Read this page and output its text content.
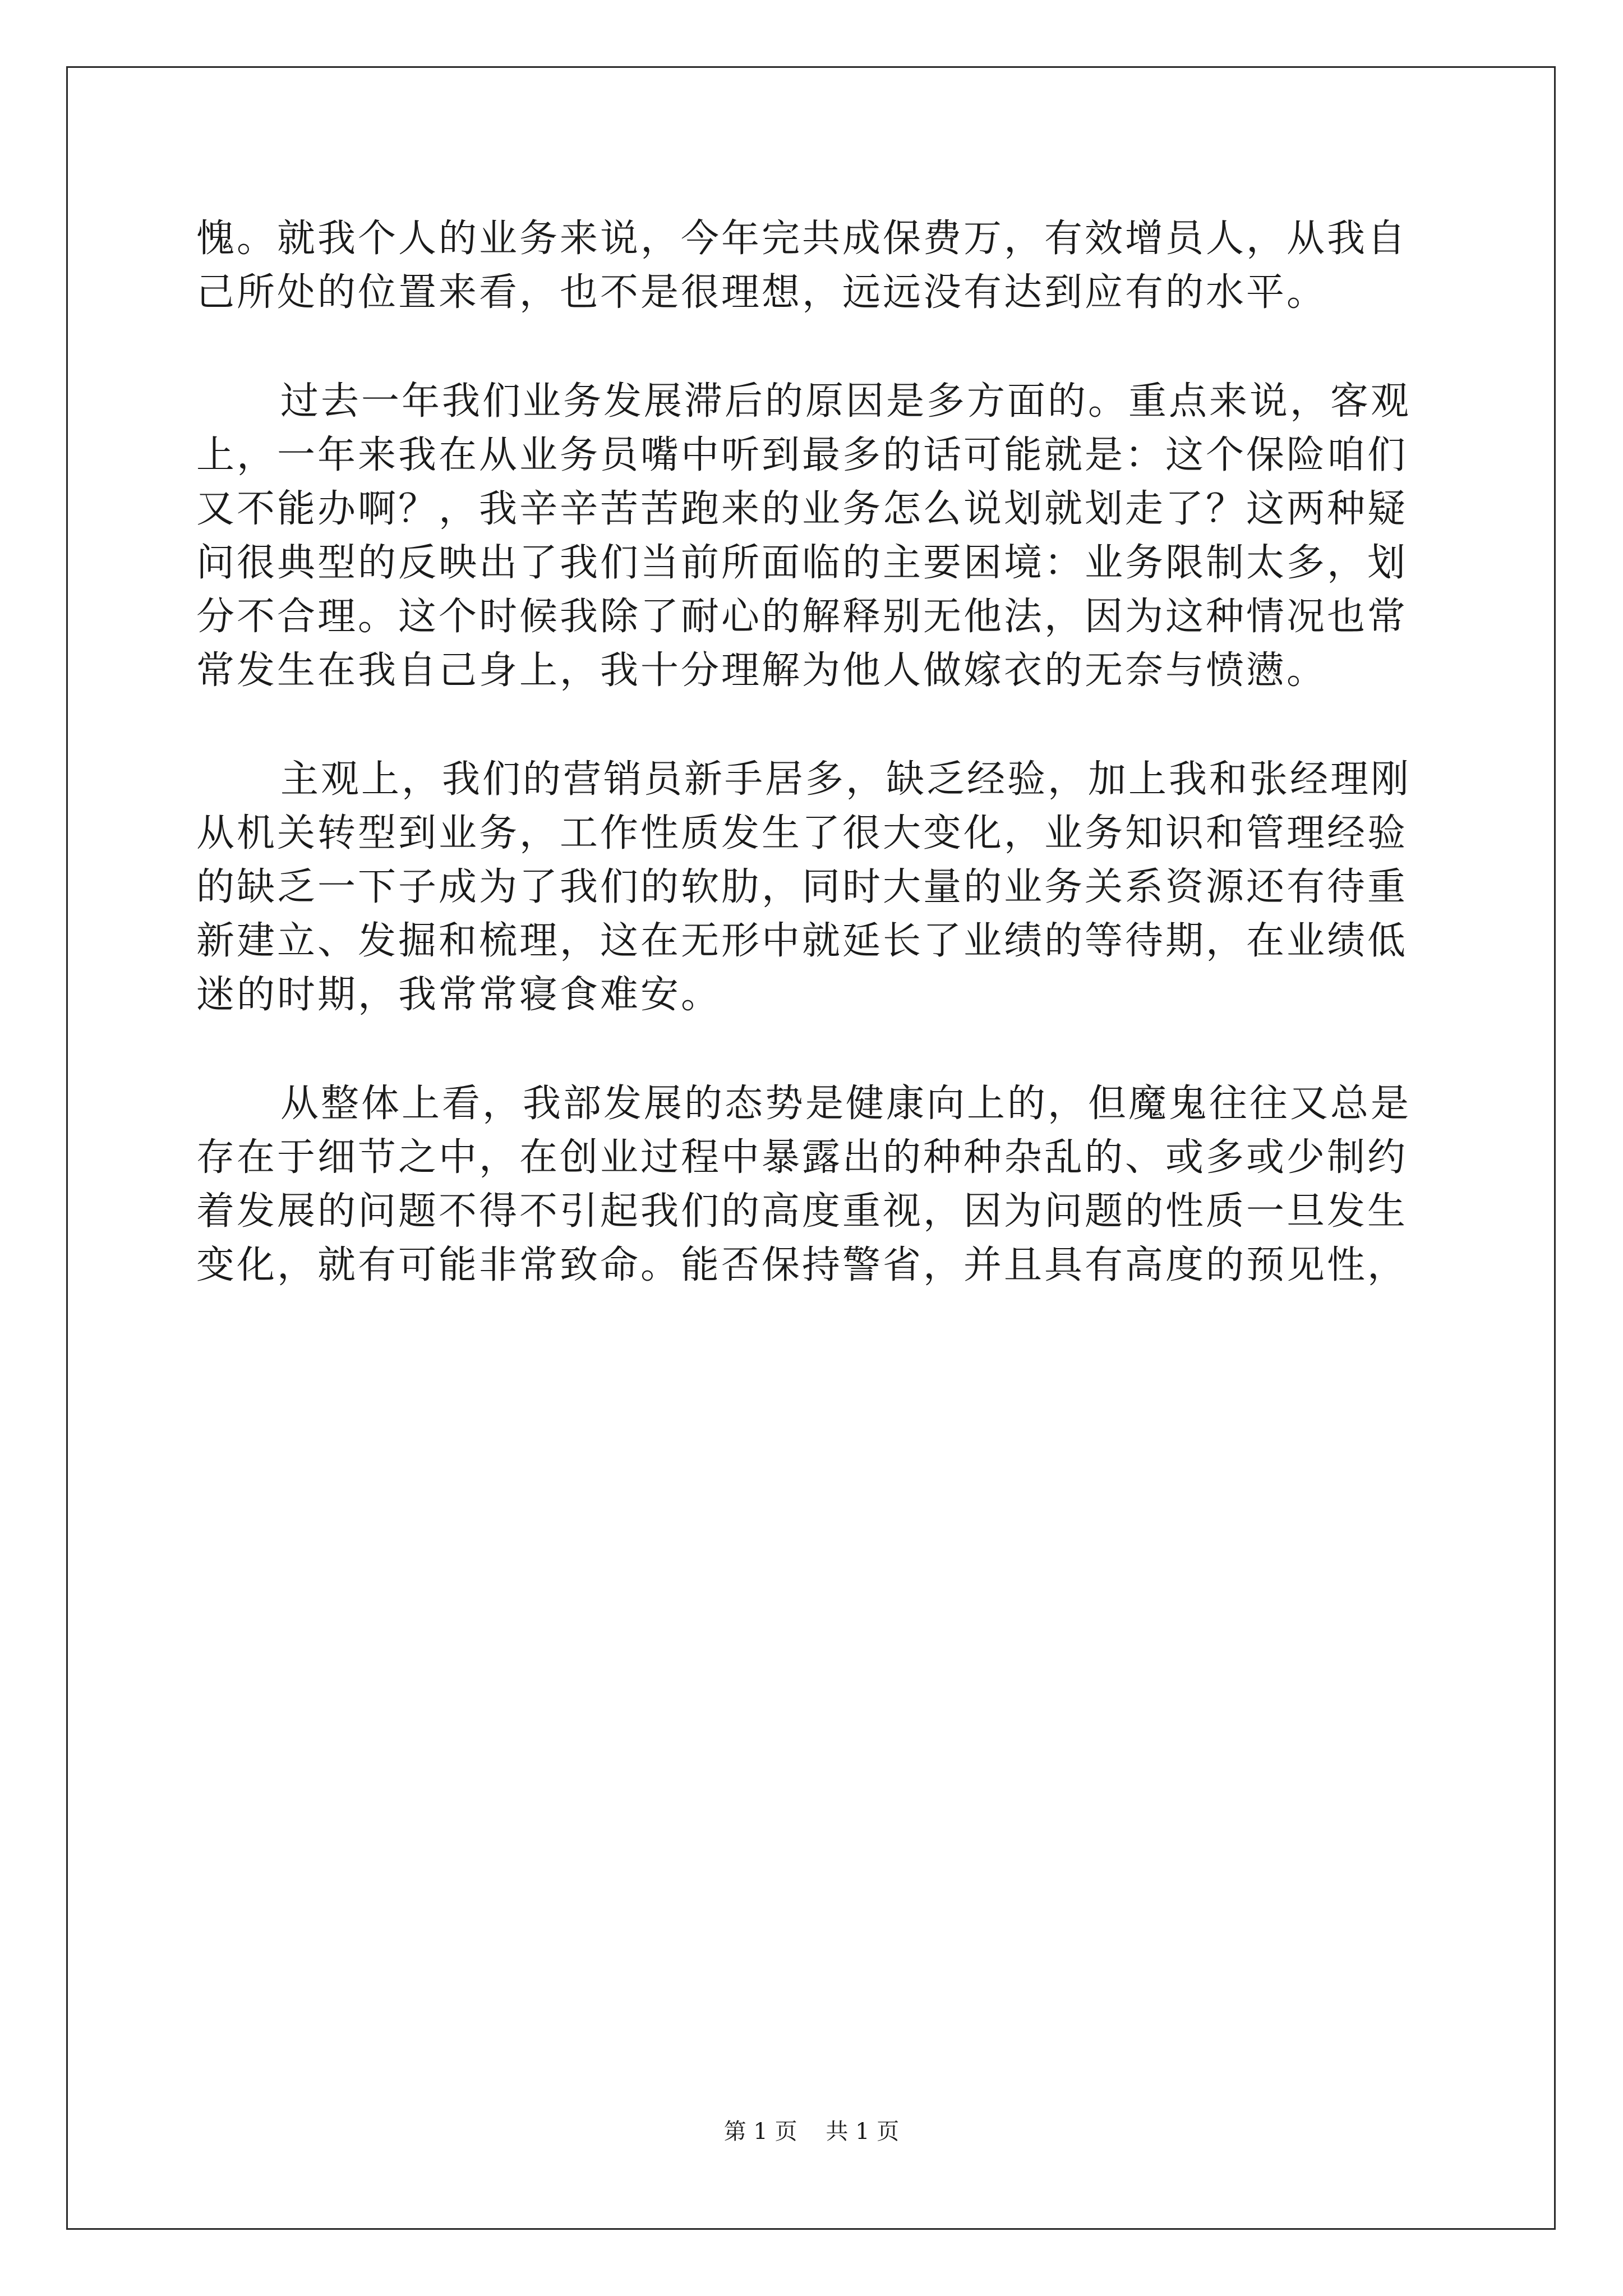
愧。就我个人的业务来说，今年完共成保费万，有效增员人，从我自
己所处的位置来看，也不是很理想，远远没有达到应有的水平。
过去一年我们业务发展滞后的原因是多方面的。重点来说，客观
上，一年来我在从业务员嘴中听到最多的话可能就是：这个保险咱们
又不能办啊？，我辛辛苦苦跑来的业务怎么说划就划走了？这两种疑
问很典型的反映出了我们当前所面临的主要困境：业务限制太多，划
分不合理。这个时候我除了耐心的解释别无他法，因为这种情况也常
常发生在我自己身上，我十分理解为他人做嫁衣的无奈与愤懑。
主观上，我们的营销员新手居多，缺乏经验，加上我和张经理刚
从机关转型到业务，工作性质发生了很大变化，业务知识和管理经验
的缺乏一下子成为了我们的软肋，同时大量的业务关系资源还有待重
新建立、发掘和梳理，这在无形中就延长了业绩的等待期，在业绩低
迷的时期，我常常寝食难安。
从整体上看，我部发展的态势是健康向上的，但魔鬼往往又总是
存在于细节之中，在创业过程中暴露出的种种杂乱的、或多或少制约
着发展的问题不得不引起我们的高度重视，因为问题的性质一旦发生
变化，就有可能非常致命。能否保持警省，并且具有高度的预见性，
第 1 页    共 1 页
